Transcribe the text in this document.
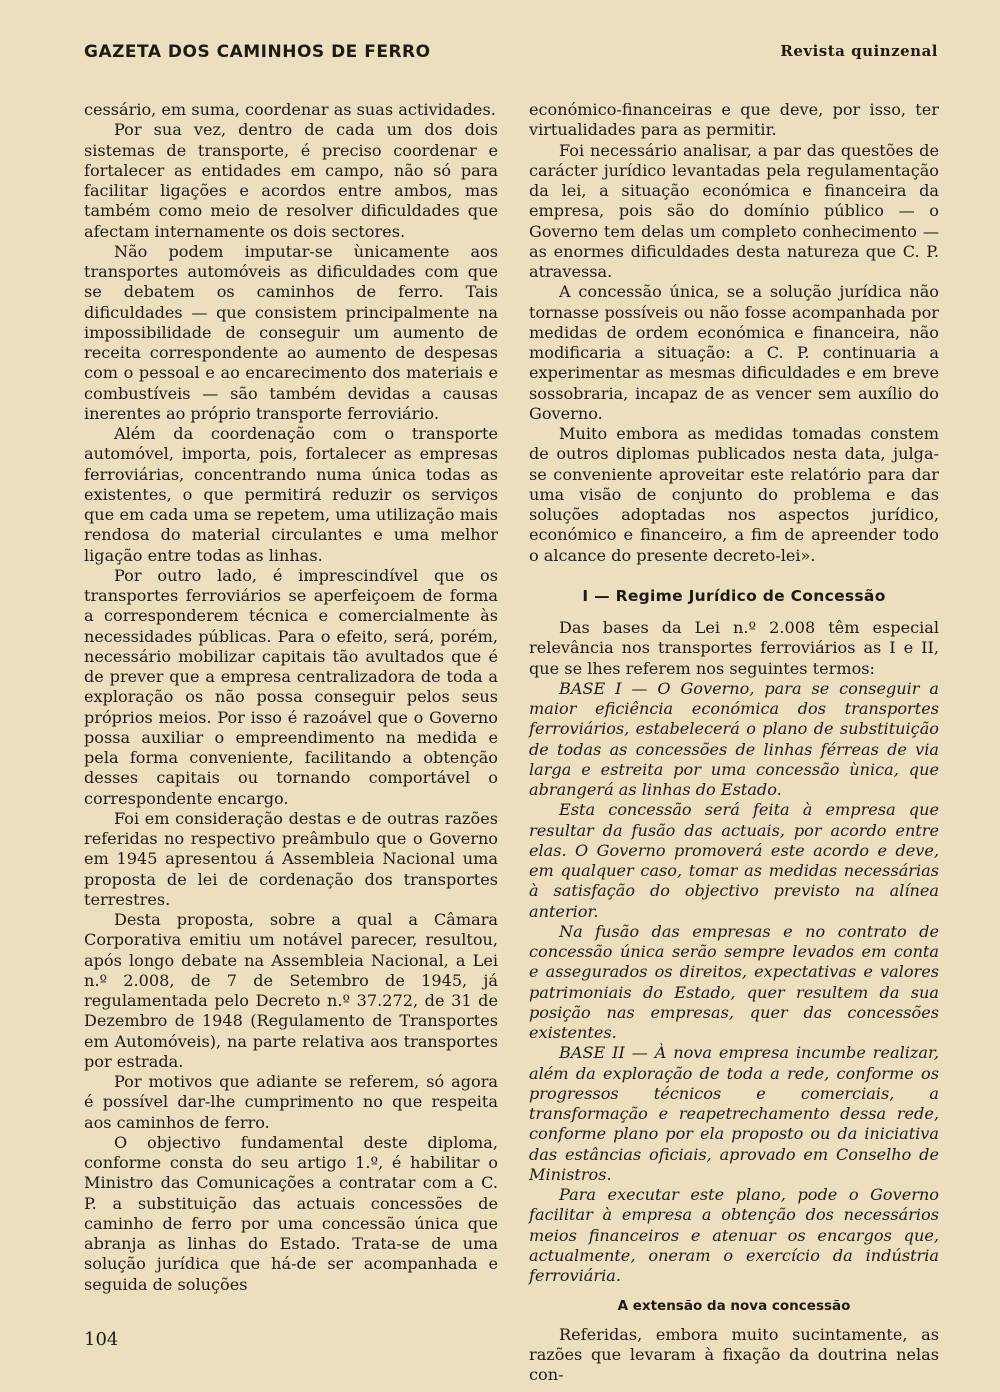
GAZETA DOS CAMINHOS DE FERRO	Revista quinzenal

cessário, em suma, coordenar as suas actividades.

Por sua vez, dentro de cada um dos dois sistemas de transporte, é preciso coordenar e fortalecer as entidades em campo, não só para facilitar ligações e acordos entre ambos, mas também como meio de resolver dificuldades que afectam internamente os dois sectores.

Não podem imputar-se ùnicamente aos transportes automóveis as dificuldades com que se debatem os caminhos de ferro. Tais dificuldades — que consistem principalmente na impossibilidade de conseguir um aumento de receita correspondente ao aumento de despesas com o pessoal e ao encarecimento dos materiais e combustíveis — são também devidas a causas inerentes ao próprio transporte ferroviário.

Além da coordenação com o transporte automóvel, importa, pois, fortalecer as empresas ferroviárias, concentrando numa única todas as existentes, o que permitirá reduzir os serviços que em cada uma se repetem, uma utilização mais rendosa do material circulantes e uma melhor ligação entre todas as linhas.

Por outro lado, é imprescindível que os transportes ferroviários se aperfeiçoem de forma a corresponderem técnica e comercialmente às necessidades públicas. Para o efeito, será, porém, necessário mobilizar capitais tão avultados que é de prever que a empresa centralizadora de toda a exploração os não possa conseguir pelos seus próprios meios. Por isso é razoável que o Governo possa auxiliar o empreendimento na medida e pela forma conveniente, facilitando a obtenção desses capitais ou tornando comportável o correspondente encargo.

Foi em consideração destas e de outras razões referidas no respectivo preâmbulo que o Governo em 1945 apresentou á Assembleia Nacional uma proposta de lei de cordenação dos transportes terrestres.

Desta proposta, sobre a qual a Câmara Corporativa emitiu um notável parecer, resultou, após longo debate na Assembleia Nacional, a Lei n.º 2.008, de 7 de Setembro de 1945, já regulamentada pelo Decreto n.º 37.272, de 31 de Dezembro de 1948 (Regulamento de Transportes em Automóveis), na parte relativa aos transportes por estrada.

Por motivos que adiante se referem, só agora é possível dar-lhe cumprimento no que respeita aos caminhos de ferro.

O objectivo fundamental deste diploma, conforme consta do seu artigo 1.º, é habilitar o Ministro das Comunicações a contratar com a C. P. a substituição das actuais concessões de caminho de ferro por uma concessão única que abranja as linhas do Estado. Trata-se de uma solução jurídica que há-de ser acompanhada e seguida de soluções

económico-financeiras e que deve, por isso, ter virtualidades para as permitir.

Foi necessário analisar, a par das questões de carácter jurídico levantadas pela regulamentação da lei, a situação económica e financeira da empresa, pois são do domínio público — o Governo tem delas um completo conhecimento — as enormes dificuldades desta natureza que C. P. atravessa.

A concessão única, se a solução jurídica não tornasse possíveis ou não fosse acompanhada por medidas de ordem económica e financeira, não modificaria a situação: a C. P. continuaria a experimentar as mesmas dificuldades e em breve sossobraria, incapaz de as vencer sem auxílio do Governo.

Muito embora as medidas tomadas constem de outros diplomas publicados nesta data, julga-se conveniente aproveitar este relatório para dar uma visão de conjunto do problema e das soluções adoptadas nos aspectos jurídico, económico e financeiro, a fim de apreender todo o alcance do presente decreto-lei».

I — Regime Jurídico de Concessão

Das bases da Lei n.º 2.008 têm especial relevância nos transportes ferroviários as I e II, que se lhes referem nos seguintes termos:

BASE I — O Governo, para se conseguir a maior eficiência económica dos transportes ferroviários, estabelecerá o plano de substituição de todas as concessões de linhas férreas de via larga e estreita por uma concessão ùnica, que abrangerá as linhas do Estado.

Esta concessão será feita à empresa que resultar da fusão das actuais, por acordo entre elas. O Governo promoverá este acordo e deve, em qualquer caso, tomar as medidas necessárias à satisfação do objectivo previsto na alínea anterior.

Na fusão das empresas e no contrato de concessão única serão sempre levados em conta e assegurados os direitos, expectativas e valores patrimoniais do Estado, quer resultem da sua posição nas empresas, quer das concessões existentes.

BASE II — À nova empresa incumbe realizar, além da exploração de toda a rede, conforme os progressos técnicos e comerciais, a transformação e reapetrechamento dessa rede, conforme plano por ela proposto ou da iniciativa das estâncias oficiais, aprovado em Conselho de Ministros.

Para executar este plano, pode o Governo facilitar à empresa a obtenção dos necessários meios financeiros e atenuar os encargos que, actualmente, oneram o exercício da indústria ferroviária.

A extensão da nova concessão

Referidas, embora muito sucintamente, as razões que levaram à fixação da doutrina nelas con-

104
